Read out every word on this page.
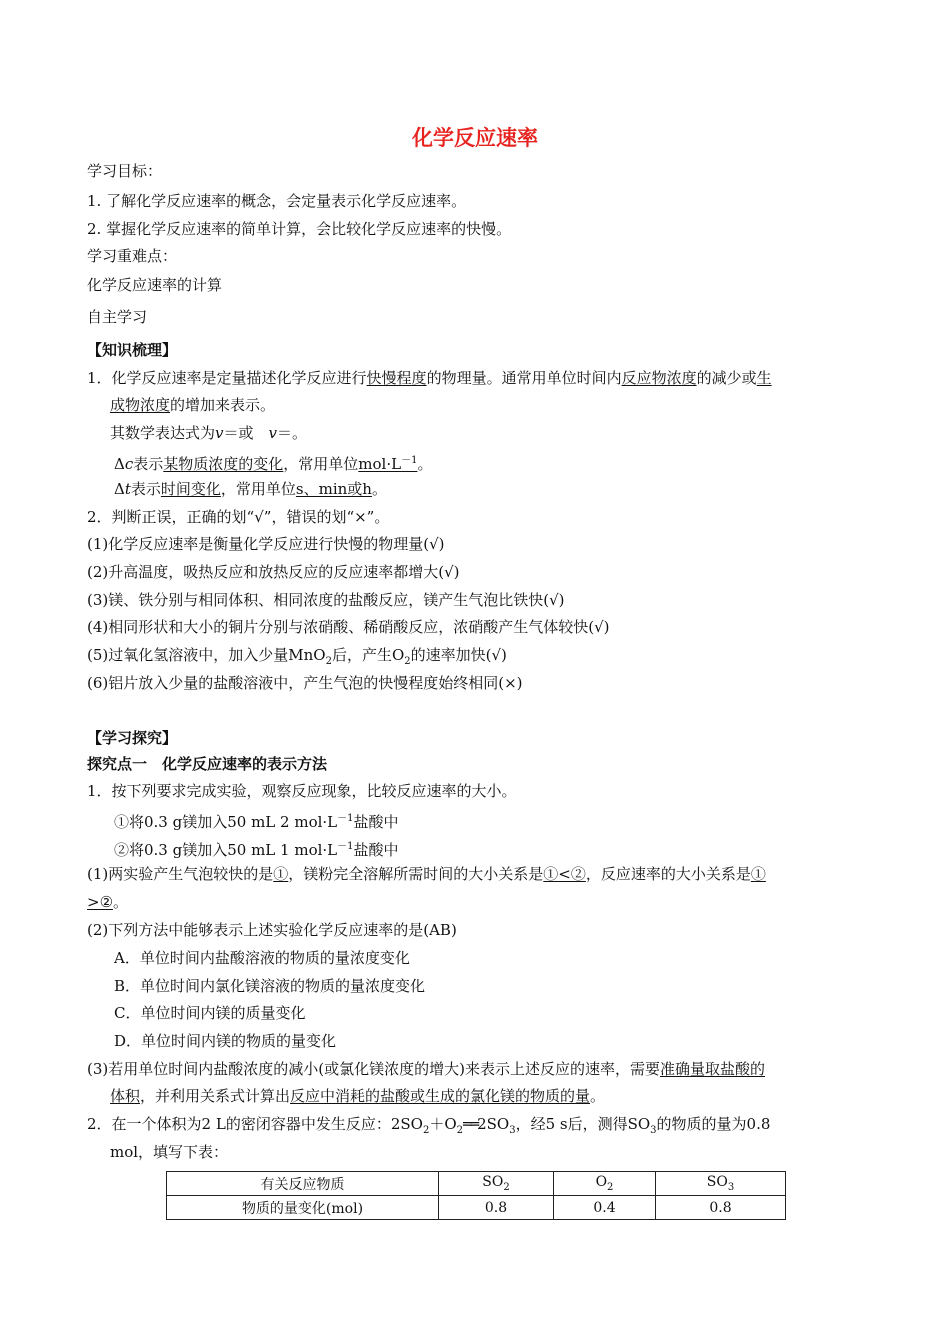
化学反应速率
学习目标：
1. 了解化学反应速率的概念，会定量表示化学反应速率。
2. 掌握化学反应速率的简单计算，会比较化学反应速率的快慢。
学习重难点：
化学反应速率的计算
自主学习
【知识梳理】
1．化学反应速率是定量描述化学反应进行快慢程度的物理量。通常用单位时间内反应物浓度的减少或生
成物浓度的增加来表示。
其数学表达式为v＝或  v＝。
Δc表示某物质浓度的变化，常用单位$mol\cdot L^{-1}$。
Δt表示时间变化，常用单位s、min或h。
2．判断正误，正确的划“√”，错误的划“×”。
(1)化学反应速率是衡量化学反应进行快慢的物理量(√)
(2)升高温度，吸热反应和放热反应的反应速率都增大(√)
(3)镁、铁分别与相同体积、相同浓度的盐酸反应，镁产生气泡比铁快(√)
(4)相同形状和大小的铜片分别与浓硝酸、稀硝酸反应，浓硝酸产生气体较快(√)
(5)过氧化氢溶液中，加入少量MnO$_2$后，产生$O_2$的速率加快(√)
(6)铝片放入少量的盐酸溶液中，产生气泡的快慢程度始终相同(×)
【学习探究】
探究点一　化学反应速率的表示方法
1．按下列要求完成实验，观察反应现象，比较反应速率的大小。
①将0.3 g镁加入50 mL 2 $mol\cdot L^{-1}$盐酸中
②将0.3 g镁加入50 mL 1 $mol\cdot L^{-1}$盐酸中
(1)两实验产生气泡较快的是①，镁粉完全溶解所需时间的大小关系是①<②，反应速率的大小关系是①
>②。
(2)下列方法中能够表示上述实验化学反应速率的是(AB)
A．单位时间内盐酸溶液的物质的量浓度变化
B．单位时间内氯化镁溶液的物质的量浓度变化
C．单位时间内镁的质量变化
D．单位时间内镁的物质的量变化
(3)若用单位时间内盐酸浓度的减小(或氯化镁浓度的增大)来表示上述反应的速率，需要准确量取盐酸的
体积，并利用关系式计算出反应中消耗的盐酸或生成的氯化镁的物质的量。
2．在一个体积为2 L的密闭容器中发生反应：$2SO_2+O_2══2SO_3$，经5 s后，测得$SO_3$的物质的量为0.8
mol，填写下表：
有关反应物质	$SO_2$	$O_2$	$SO_3$
物质的量变化(mol)	0.8	0.4	0.8
